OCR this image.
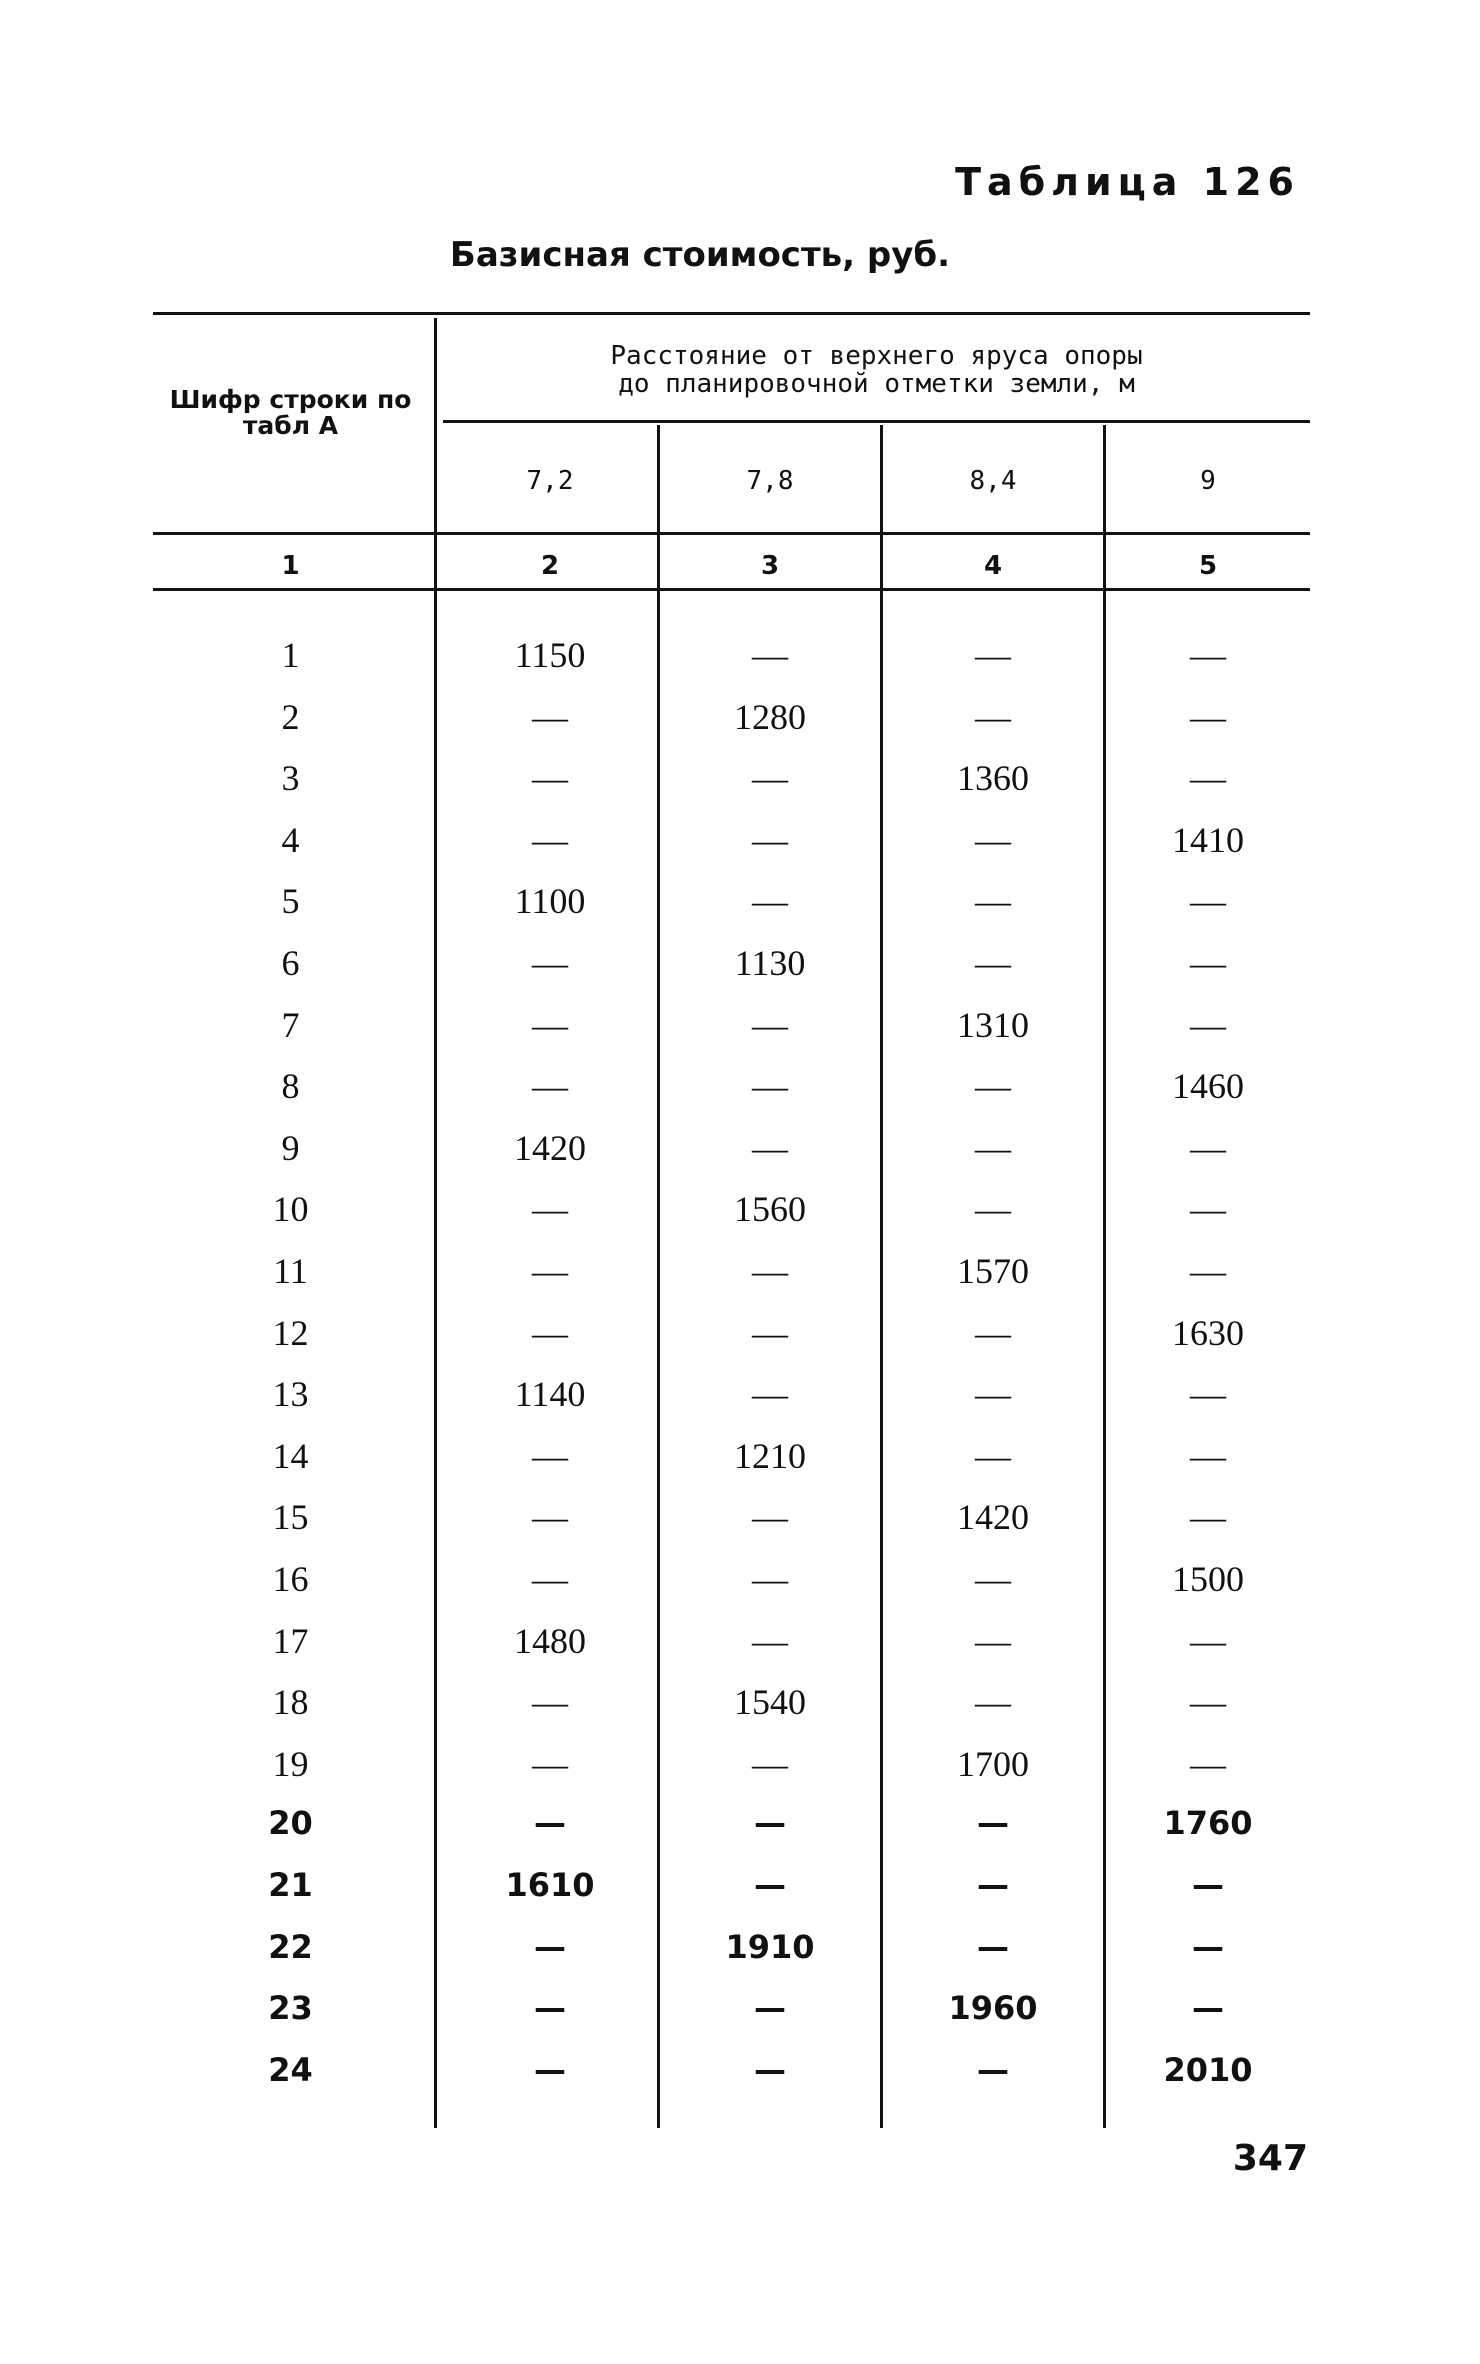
Таблица 126
Базисная стоимость, руб.
Шифр строки по табл А
Расстояние от верхнего яруса опоры
до планировочной отметки земли, м
7,2	7,8	8,4	9
1	2	3	4	5
1	1150	—	—	—
2	—	1280	—	—
3	—	—	1360	—
4	—	—	—	1410
5	1100	—	—	—
6	—	1130	—	—
7	—	—	1310	—
8	—	—	—	1460
9	1420	—	—	—
10	—	1560	—	—
11	—	—	1570	—
12	—	—	—	1630
13	1140	—	—	—
14	—	1210	—	—
15	—	—	1420	—
16	—	—	—	1500
17	1480	—	—	—
18	—	1540	—	—
19	—	—	1700	—
20	—	—	—	1760
21	1610	—	—	—
22	—	1910	—	—
23	—	—	1960	—
24	—	—	—	2010
347
